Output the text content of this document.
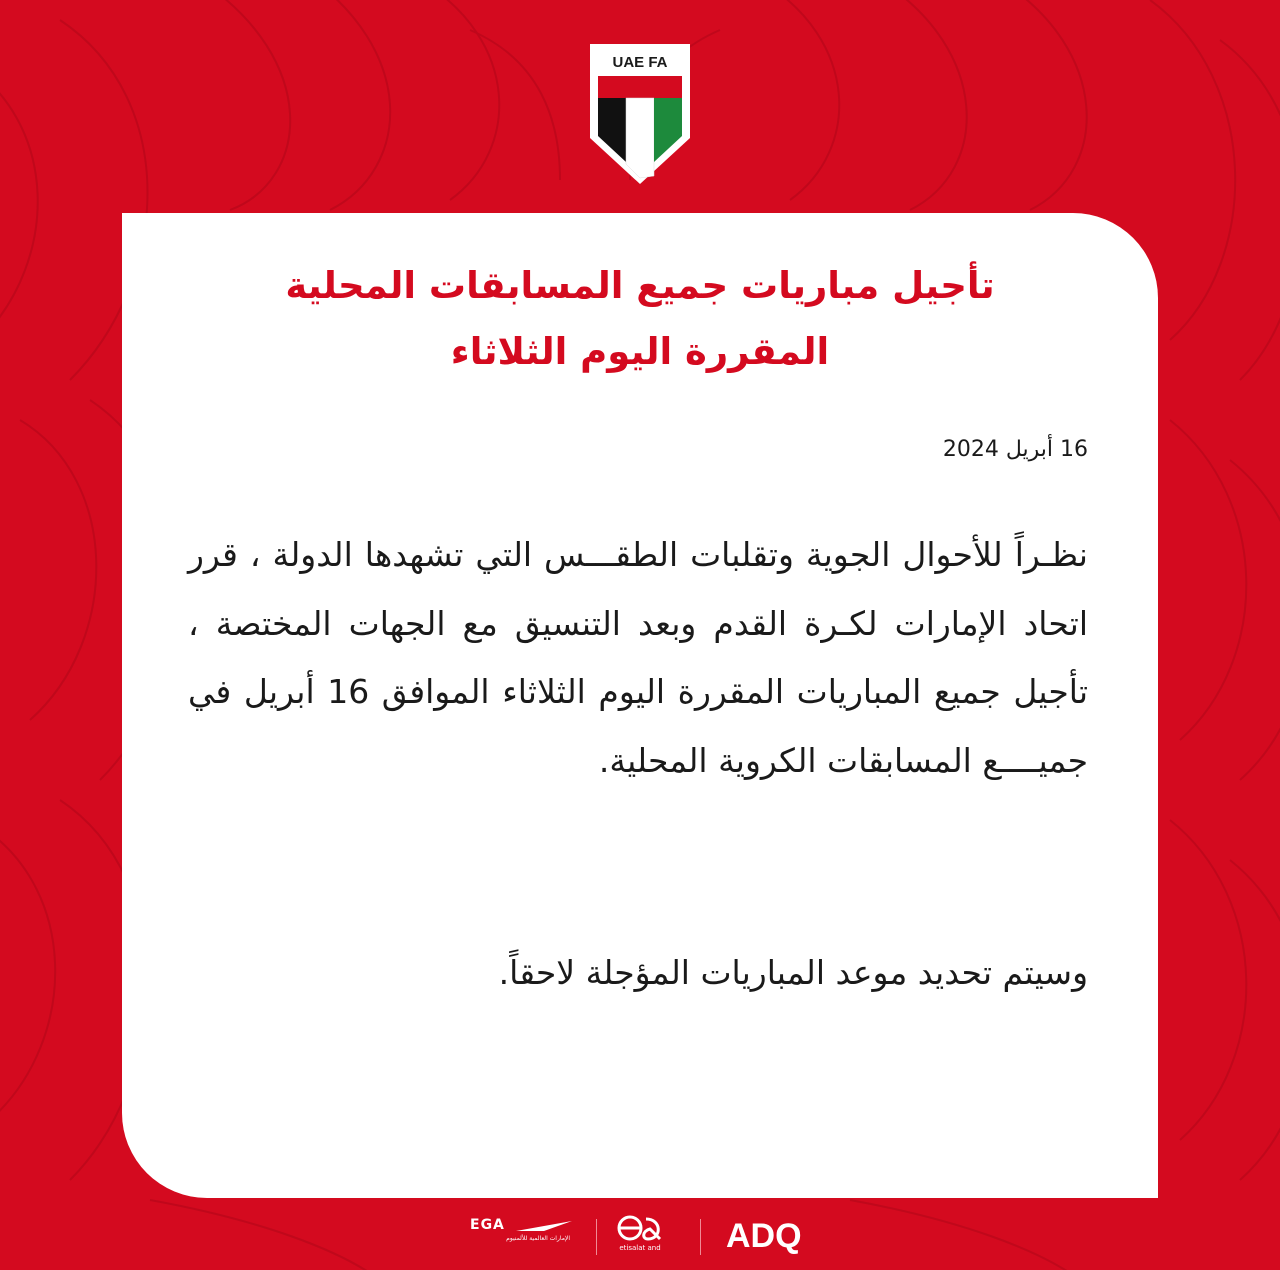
UAE FA
تأجيل مباريات جميع المسابقات المحلية
المقررة اليوم الثلاثاء
16 أبريل 2024
نظـراً للأحوال الجوية وتقلبات الطقـــس التي تشهدها الدولة ، قرر اتحاد الإمارات لكـرة القدم وبعد التنسيق مع الجهات المختصة ، تأجيل جميع المباريات المقررة اليوم الثلاثاء الموافق 16 أبريل في جميــــع المسابقات الكروية المحلية.
وسيتم تحديد موعد المباريات المؤجلة لاحقاً.
EGA
الإمارات العالمية للألمنيوم
etisalat and ADQ
